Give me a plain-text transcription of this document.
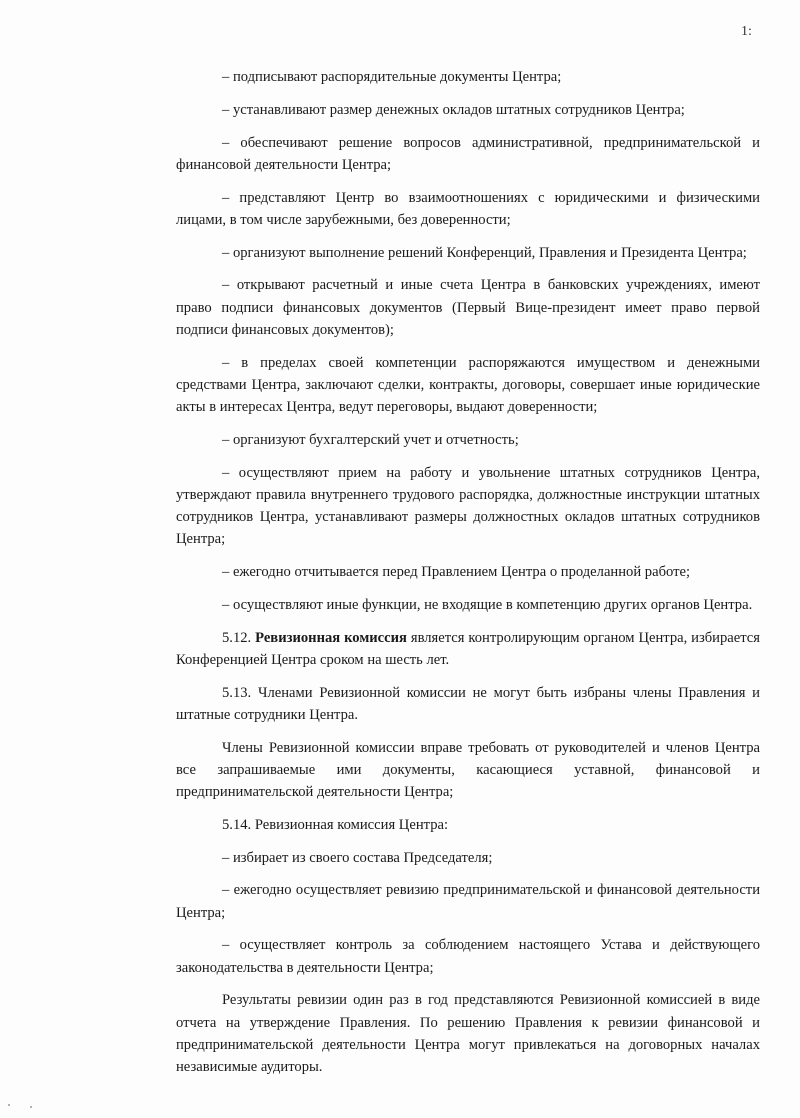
1:

– подписывают распорядительные документы Центра;

– устанавливают размер денежных окладов штатных сотрудников Центра;

– обеспечивают решение вопросов административной, предпринимательской и финансовой деятельности Центра;

– представляют Центр во взаимоотношениях с юридическими и физическими лицами, в том числе зарубежными, без доверенности;

– организуют выполнение решений Конференций, Правления и Президента Центра;

– открывают расчетный и иные счета Центра в банковских учреждениях, имеют право подписи финансовых документов (Первый Вице-президент имеет право первой подписи финансовых документов);

– в пределах своей компетенции распоряжаются имуществом и денежными средствами Центра, заключают сделки, контракты, договоры, совершает иные юридические акты в интересах Центра, ведут переговоры, выдают доверенности;

– организуют бухгалтерский учет и отчетность;

– осуществляют прием на работу и увольнение штатных сотрудников Центра, утверждают правила внутреннего трудового распорядка, должностные инструкции штатных сотрудников Центра, устанавливают размеры должностных окладов штатных сотрудников Центра;

– ежегодно отчитывается перед Правлением Центра о проделанной работе;

– осуществляют иные функции, не входящие в компетенцию других органов Центра.

5.12. Ревизионная комиссия является контролирующим органом Центра, избирается Конференцией Центра сроком на шесть лет.

5.13. Членами Ревизионной комиссии не могут быть избраны члены Правления и штатные сотрудники Центра.

Члены Ревизионной комиссии вправе требовать от руководителей и членов Центра все запрашиваемые ими документы, касающиеся уставной, финансовой и предпринимательской деятельности Центра;

5.14. Ревизионная комиссия Центра:

– избирает из своего состава Председателя;

– ежегодно осуществляет ревизию предпринимательской и финансовой деятельности Центра;

– осуществляет контроль за соблюдением настоящего Устава и действующего законодательства в деятельности Центра;

Результаты ревизии один раз в год представляются Ревизионной комиссией в виде отчета на утверждение Правления. По решению Правления к ревизии финансовой и предпринимательской деятельности Центра могут привлекаться на договорных началах независимые аудиторы.
